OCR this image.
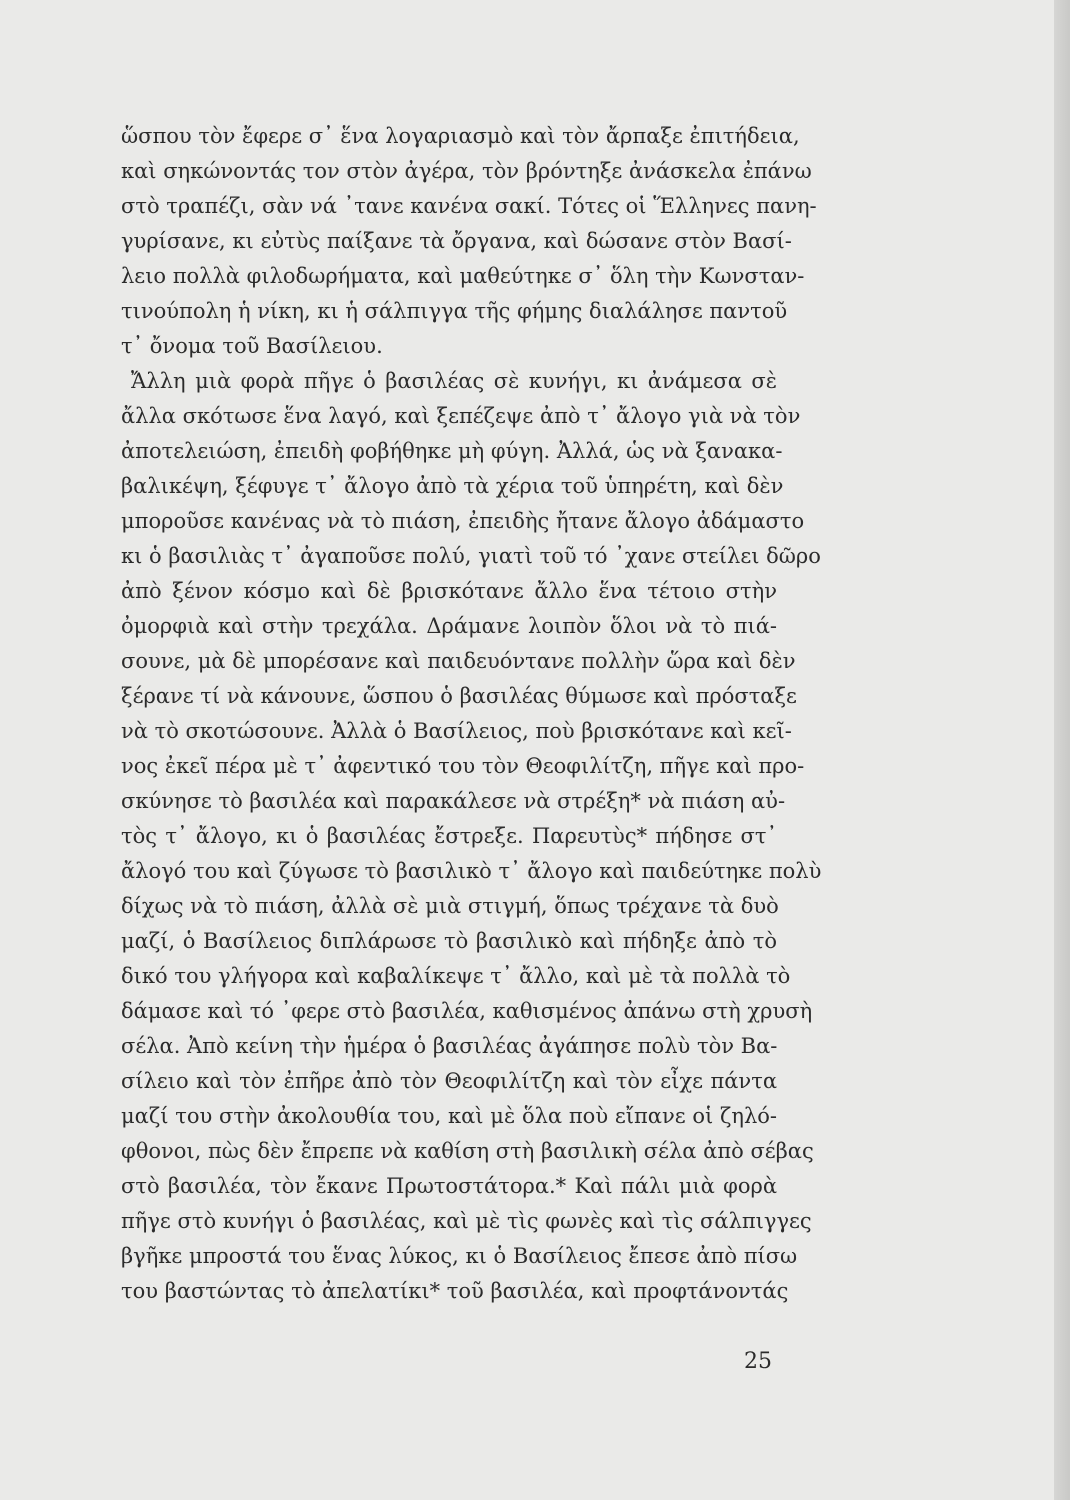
ὥσπου τὸν ἔφερε σ᾽ ἕνα λογαριασμὸ καὶ τὸν ἄρπαξε ἐπιτήδεια,
καὶ σηκώνοντάς τον στὸν ἀγέρα, τὸν βρόντηξε ἀνάσκελα ἐπάνω
στὸ τραπέζι, σὰν νά ᾽τανε κανένα σακί. Τότες οἱ Ἕλληνες πανη-
γυρίσανε, κι εὐτὺς παίξανε τὰ ὄργανα, καὶ δώσανε στὸν Βασί-
λειο πολλὰ φιλοδωρήματα, καὶ μαθεύτηκε σ᾽ ὅλη τὴν Κωνσταν-
τινούπολη ἡ νίκη, κι ἡ σάλπιγγα τῆς φήμης διαλάλησε παντοῦ
τ᾽ ὄνομα τοῦ Βασίλειου.
Ἄλλη μιὰ φορὰ πῆγε ὁ βασιλέας σὲ κυνήγι, κι ἀνάμεσα σὲ
ἄλλα σκότωσε ἕνα λαγό, καὶ ξεπέζεψε ἀπὸ τ᾽ ἄλογο γιὰ νὰ τὸν
ἀποτελειώση, ἐπειδὴ φοβήθηκε μὴ φύγη. Ἀλλά, ὡς νὰ ξανακα-
βαλικέψη, ξέφυγε τ᾽ ἄλογο ἀπὸ τὰ χέρια τοῦ ὑπηρέτη, καὶ δὲν
μποροῦσε κανένας νὰ τὸ πιάση, ἐπειδὴς ἤτανε ἄλογο ἀδάμαστο
κι ὁ βασιλιὰς τ᾽ ἀγαποῦσε πολύ, γιατὶ τοῦ τό ᾽χανε στείλει δῶρο
ἀπὸ ξένον κόσμο καὶ δὲ βρισκότανε ἄλλο ἕνα τέτοιο στὴν
ὀμορφιὰ καὶ στὴν τρεχάλα. Δράμανε λοιπὸν ὅλοι νὰ τὸ πιά-
σουνε, μὰ δὲ μπορέσανε καὶ παιδευόντανε πολλὴν ὥρα καὶ δὲν
ξέρανε τί νὰ κάνουνε, ὥσπου ὁ βασιλέας θύμωσε καὶ πρόσταξε
νὰ τὸ σκοτώσουνε. Ἀλλὰ ὁ Βασίλειος, ποὺ βρισκότανε καὶ κεῖ-
νος ἐκεῖ πέρα μὲ τ᾽ ἀφεντικό του τὸν Θεοφιλίτζη, πῆγε καὶ προ-
σκύνησε τὸ βασιλέα καὶ παρακάλεσε νὰ στρέξη* νὰ πιάση αὐ-
τὸς τ᾽ ἄλογο, κι ὁ βασιλέας ἔστρεξε. Παρευτὺς* πήδησε στ᾽
ἄλογό του καὶ ζύγωσε τὸ βασιλικὸ τ᾽ ἄλογο καὶ παιδεύτηκε πολὺ
δίχως νὰ τὸ πιάση, ἀλλὰ σὲ μιὰ στιγμή, ὅπως τρέχανε τὰ δυὸ
μαζί, ὁ Βασίλειος διπλάρωσε τὸ βασιλικὸ καὶ πήδηξε ἀπὸ τὸ
δικό του γλήγορα καὶ καβαλίκεψε τ᾽ ἄλλο, καὶ μὲ τὰ πολλὰ τὸ
δάμασε καὶ τό ᾽φερε στὸ βασιλέα, καθισμένος ἀπάνω στὴ χρυσὴ
σέλα. Ἀπὸ κείνη τὴν ἡμέρα ὁ βασιλέας ἀγάπησε πολὺ τὸν Βα-
σίλειο καὶ τὸν ἐπῆρε ἀπὸ τὸν Θεοφιλίτζη καὶ τὸν εἶχε πάντα
μαζί του στὴν ἀκολουθία του, καὶ μὲ ὅλα ποὺ εἴπανε οἱ ζηλό-
φθονοι, πὼς δὲν ἔπρεπε νὰ καθίση στὴ βασιλικὴ σέλα ἀπὸ σέβας
στὸ βασιλέα, τὸν ἔκανε Πρωτοστάτορα.* Καὶ πάλι μιὰ φορὰ
πῆγε στὸ κυνήγι ὁ βασιλέας, καὶ μὲ τὶς φωνὲς καὶ τὶς σάλπιγγες
βγῆκε μπροστά του ἕνας λύκος, κι ὁ Βασίλειος ἔπεσε ἀπὸ πίσω
του βαστώντας τὸ ἀπελατίκι* τοῦ βασιλέα, καὶ προφτάνοντάς
25
